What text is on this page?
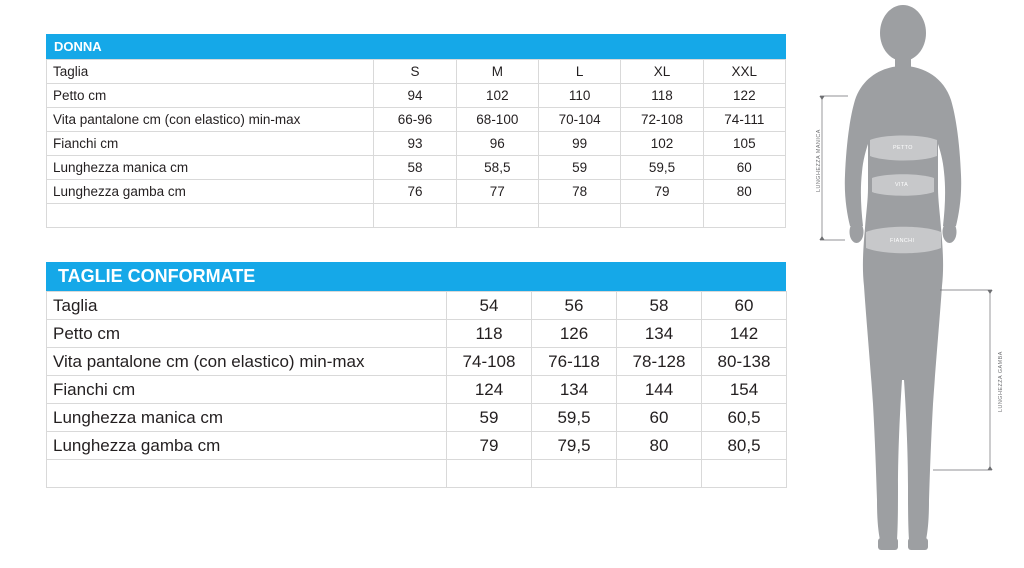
DONNA
Taglia	S	M	L	XL	XXL
Petto cm	94	102	110	118	122
Vita pantalone cm (con elastico) min-max	66-96	68-100	70-104	72-108	74-111
Fianchi cm	93	96	99	102	105
Lunghezza manica cm	58	58,5	59	59,5	60
Lunghezza gamba cm	76	77	78	79	80

TAGLIE CONFORMATE
Taglia	54	56	58	60
Petto cm	118	126	134	142
Vita pantalone cm (con elastico) min-max	74-108	76-118	78-128	80-138
Fianchi cm	124	134	144	154
Lunghezza manica cm	59	59,5	60	60,5
Lunghezza gamba cm	79	79,5	80	80,5

PETTO
VITA
FIANCHI
LUNGHEZZA MANICA
LUNGHEZZA GAMBA
